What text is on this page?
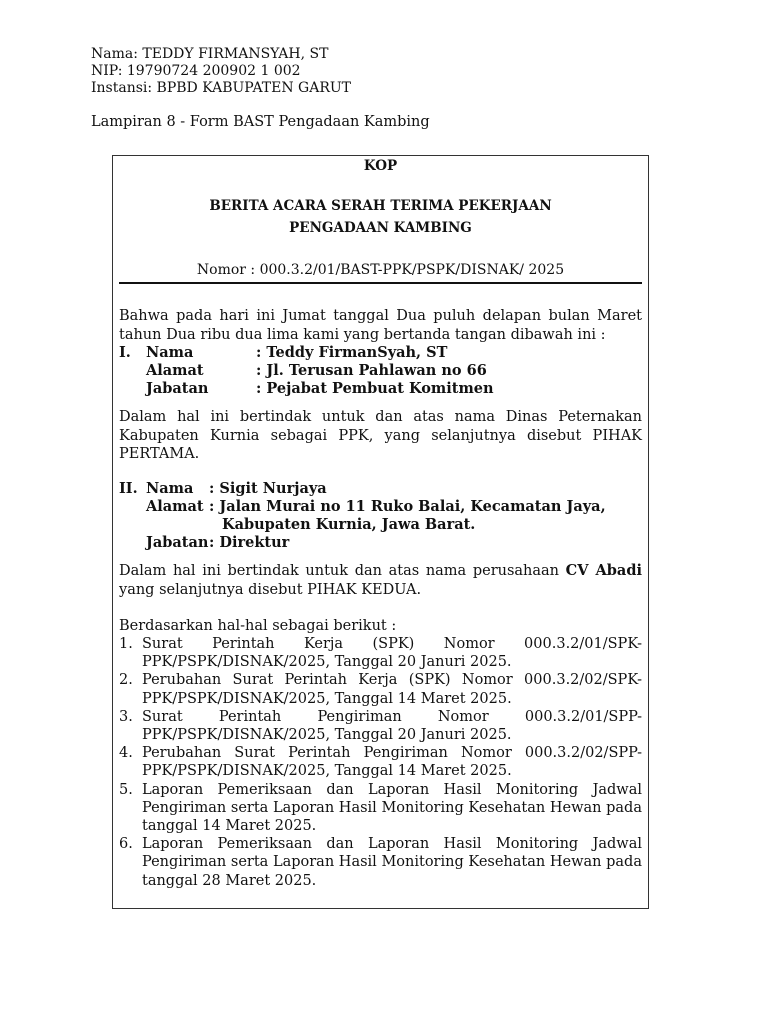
Nama: TEDDY FIRMANSYAH, ST
NIP: 19790724 200902 1 002
Instansi: BPBD KABUPATEN GARUT
Lampiran 8 - Form BAST Pengadaan Kambing
KOP
BERITA ACARA SERAH TERIMA PEKERJAAN
PENGADAAN KAMBING
Nomor : 000.3.2/01/BAST-PPK/PSPK/DISNAK/ 2025
Bahwa pada hari ini Jumat tanggal Dua puluh delapan bulan Maret tahun Dua ribu dua lima kami yang bertanda tangan dibawah ini :
I. Nama	: Teddy FirmanSyah, ST
Alamat	: Jl. Terusan Pahlawan no 66
Jabatan	: Pejabat Pembuat Komitmen
Dalam hal ini bertindak untuk dan atas nama Dinas Peternakan Kabupaten Kurnia sebagai PPK, yang selanjutnya disebut PIHAK PERTAMA.
II. Nama : Sigit Nurjaya
Alamat : Jalan Murai no 11 Ruko Balai, Kecamatan Jaya,
Kabupaten Kurnia, Jawa Barat.
Jabatan : Direktur
Dalam hal ini bertindak untuk dan atas nama perusahaan CV Abadi yang selanjutnya disebut PIHAK KEDUA.
Berdasarkan hal-hal sebagai berikut :
1. Surat Perintah Kerja (SPK) Nomor 000.3.2/01/SPK-PPK/PSPK/DISNAK/2025, Tanggal 20 Januri 2025.
2. Perubahan Surat Perintah Kerja (SPK) Nomor 000.3.2/02/SPK-PPK/PSPK/DISNAK/2025, Tanggal 14 Maret 2025.
3. Surat Perintah Pengiriman Nomor 000.3.2/01/SPP-PPK/PSPK/DISNAK/2025, Tanggal 20 Januri 2025.
4. Perubahan Surat Perintah Pengiriman Nomor 000.3.2/02/SPP-PPK/PSPK/DISNAK/2025, Tanggal 14 Maret 2025.
5. Laporan Pemeriksaan dan Laporan Hasil Monitoring Jadwal Pengiriman serta Laporan Hasil Monitoring Kesehatan Hewan pada tanggal 14 Maret 2025.
6. Laporan Pemeriksaan dan Laporan Hasil Monitoring Jadwal Pengiriman serta Laporan Hasil Monitoring Kesehatan Hewan pada tanggal 28 Maret 2025.
